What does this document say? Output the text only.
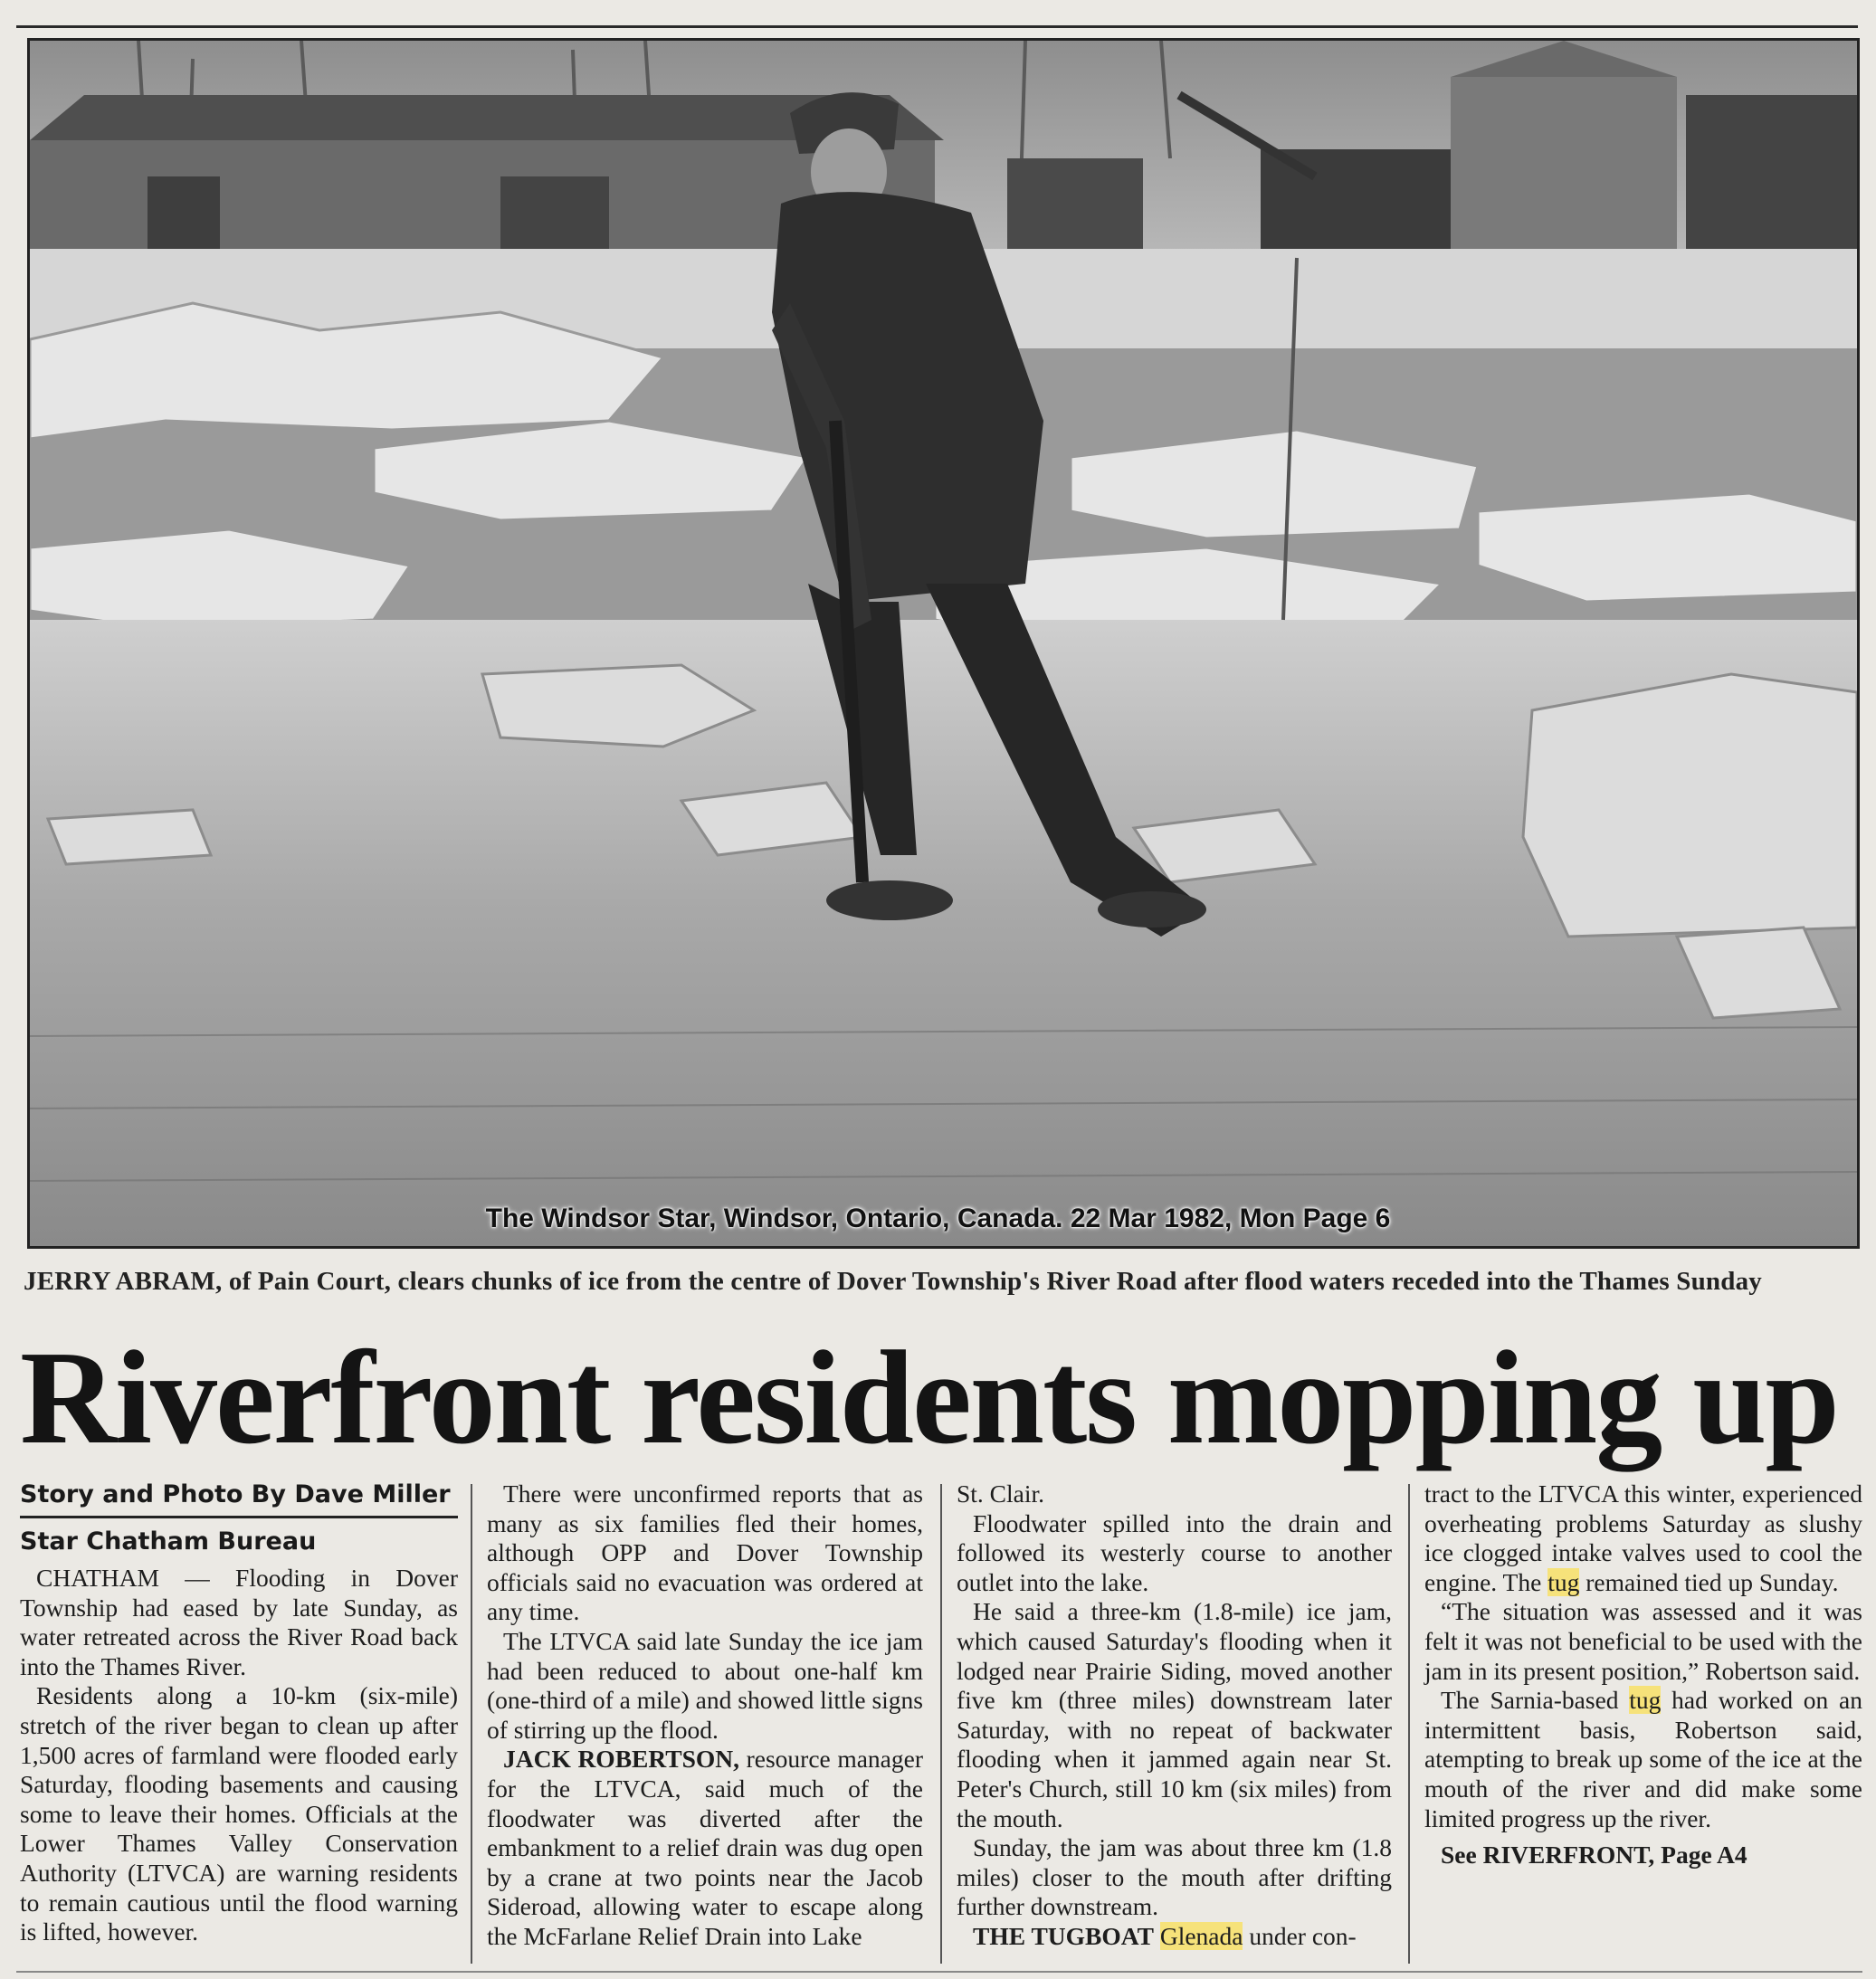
The Windsor Star, Windsor, Ontario, Canada. 22 Mar 1982, Mon Page 6
JERRY ABRAM, of Pain Court, clears chunks of ice from the centre of Dover Township's River Road after flood waters receded into the Thames Sunday
Riverfront residents mopping up
Story and Photo By Dave Miller
Star Chatham Bureau

CHATHAM — Flooding in Dover Township had eased by late Sunday, as water retreated across the River Road back into the Thames River.

Residents along a 10-km (six-mile) stretch of the river began to clean up after 1,500 acres of farmland were flooded early Saturday, flooding basements and causing some to leave their homes. Officials at the Lower Thames Valley Conservation Authority (LTVCA) are warning residents to remain cautious until the flood warning is lifted, however.

There were unconfirmed reports that as many as six families fled their homes, although OPP and Dover Township officials said no evacuation was ordered at any time.

The LTVCA said late Sunday the ice jam had been reduced to about one-half km (one-third of a mile) and showed little signs of stirring up the flood.

JACK ROBERTSON, resource manager for the LTVCA, said much of the floodwater was diverted after the embankment to a relief drain was dug open by a crane at two points near the Jacob Sideroad, allowing water to escape along the McFarlane Relief Drain into Lake

St. Clair.

Floodwater spilled into the drain and followed its westerly course to another outlet into the lake.

He said a three-km (1.8-mile) ice jam, which caused Saturday's flooding when it lodged near Prairie Siding, moved another five km (three miles) downstream later Saturday, with no repeat of backwater flooding when it jammed again near St. Peter's Church, still 10 km (six miles) from the mouth.

Sunday, the jam was about three km (1.8 miles) closer to the mouth after drifting further downstream.

THE TUGBOAT Glenada under con-

tract to the LTVCA this winter, experienced overheating problems Saturday as slushy ice clogged intake valves used to cool the engine. The tug remained tied up Sunday.

“The situation was assessed and it was felt it was not beneficial to be used with the jam in its present position,” Robertson said.

The Sarnia-based tug had worked on an intermittent basis, Robertson said, atempting to break up some of the ice at the mouth of the river and did make some limited progress up the river.

See RIVERFRONT, Page A4
